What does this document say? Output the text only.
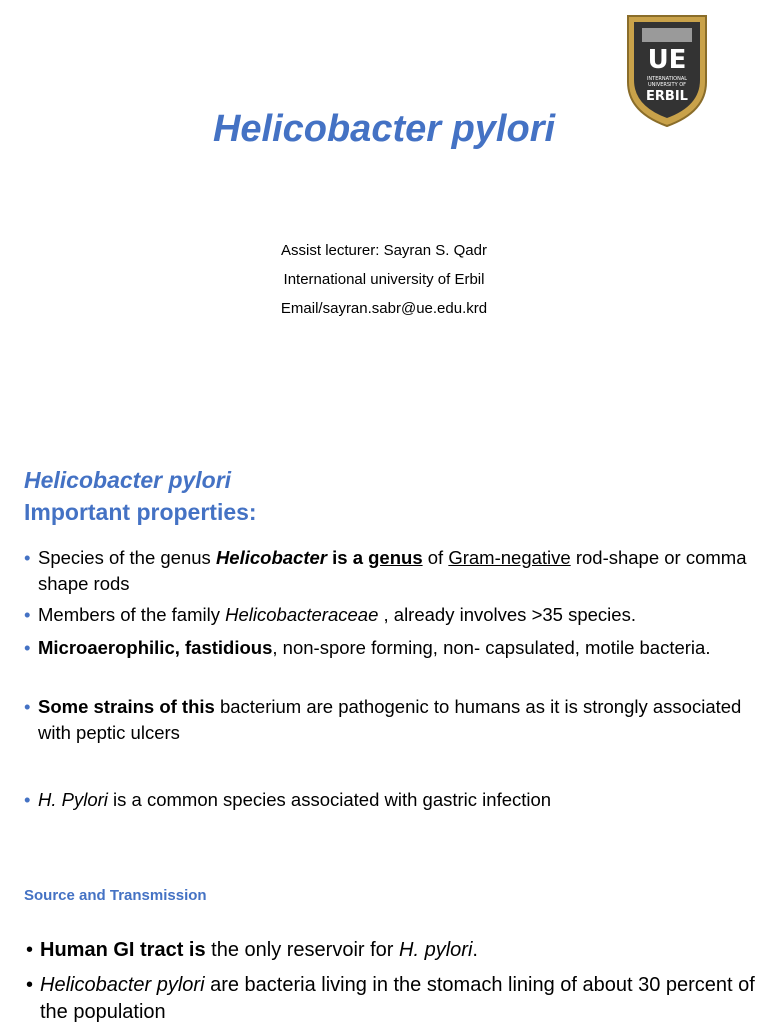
UE
INTERNATIONAL
UNIVERSITY OF
ERBIL
Helicobacter pylori
Assist lecturer: Sayran S. Qadr
International university of Erbil
Email/sayran.sabr@ue.edu.krd
Helicobacter pylori
Important properties:
• Species of the genus Helicobacter is a genus of Gram-negative rod-shape or comma shape rods
• Members of the family Helicobacteraceae , already involves >35 species.
• Microaerophilic, fastidious, non-spore forming, non- capsulated, motile bacteria.
• Some strains of this bacterium are pathogenic to humans as it is strongly associated with peptic ulcers
• H. Pylori is a common species associated with gastric infection
Source and Transmission
• Human GI tract is the only reservoir for H. pylori.
• Helicobacter pylori are bacteria living in the stomach lining of about 30 percent of the population
